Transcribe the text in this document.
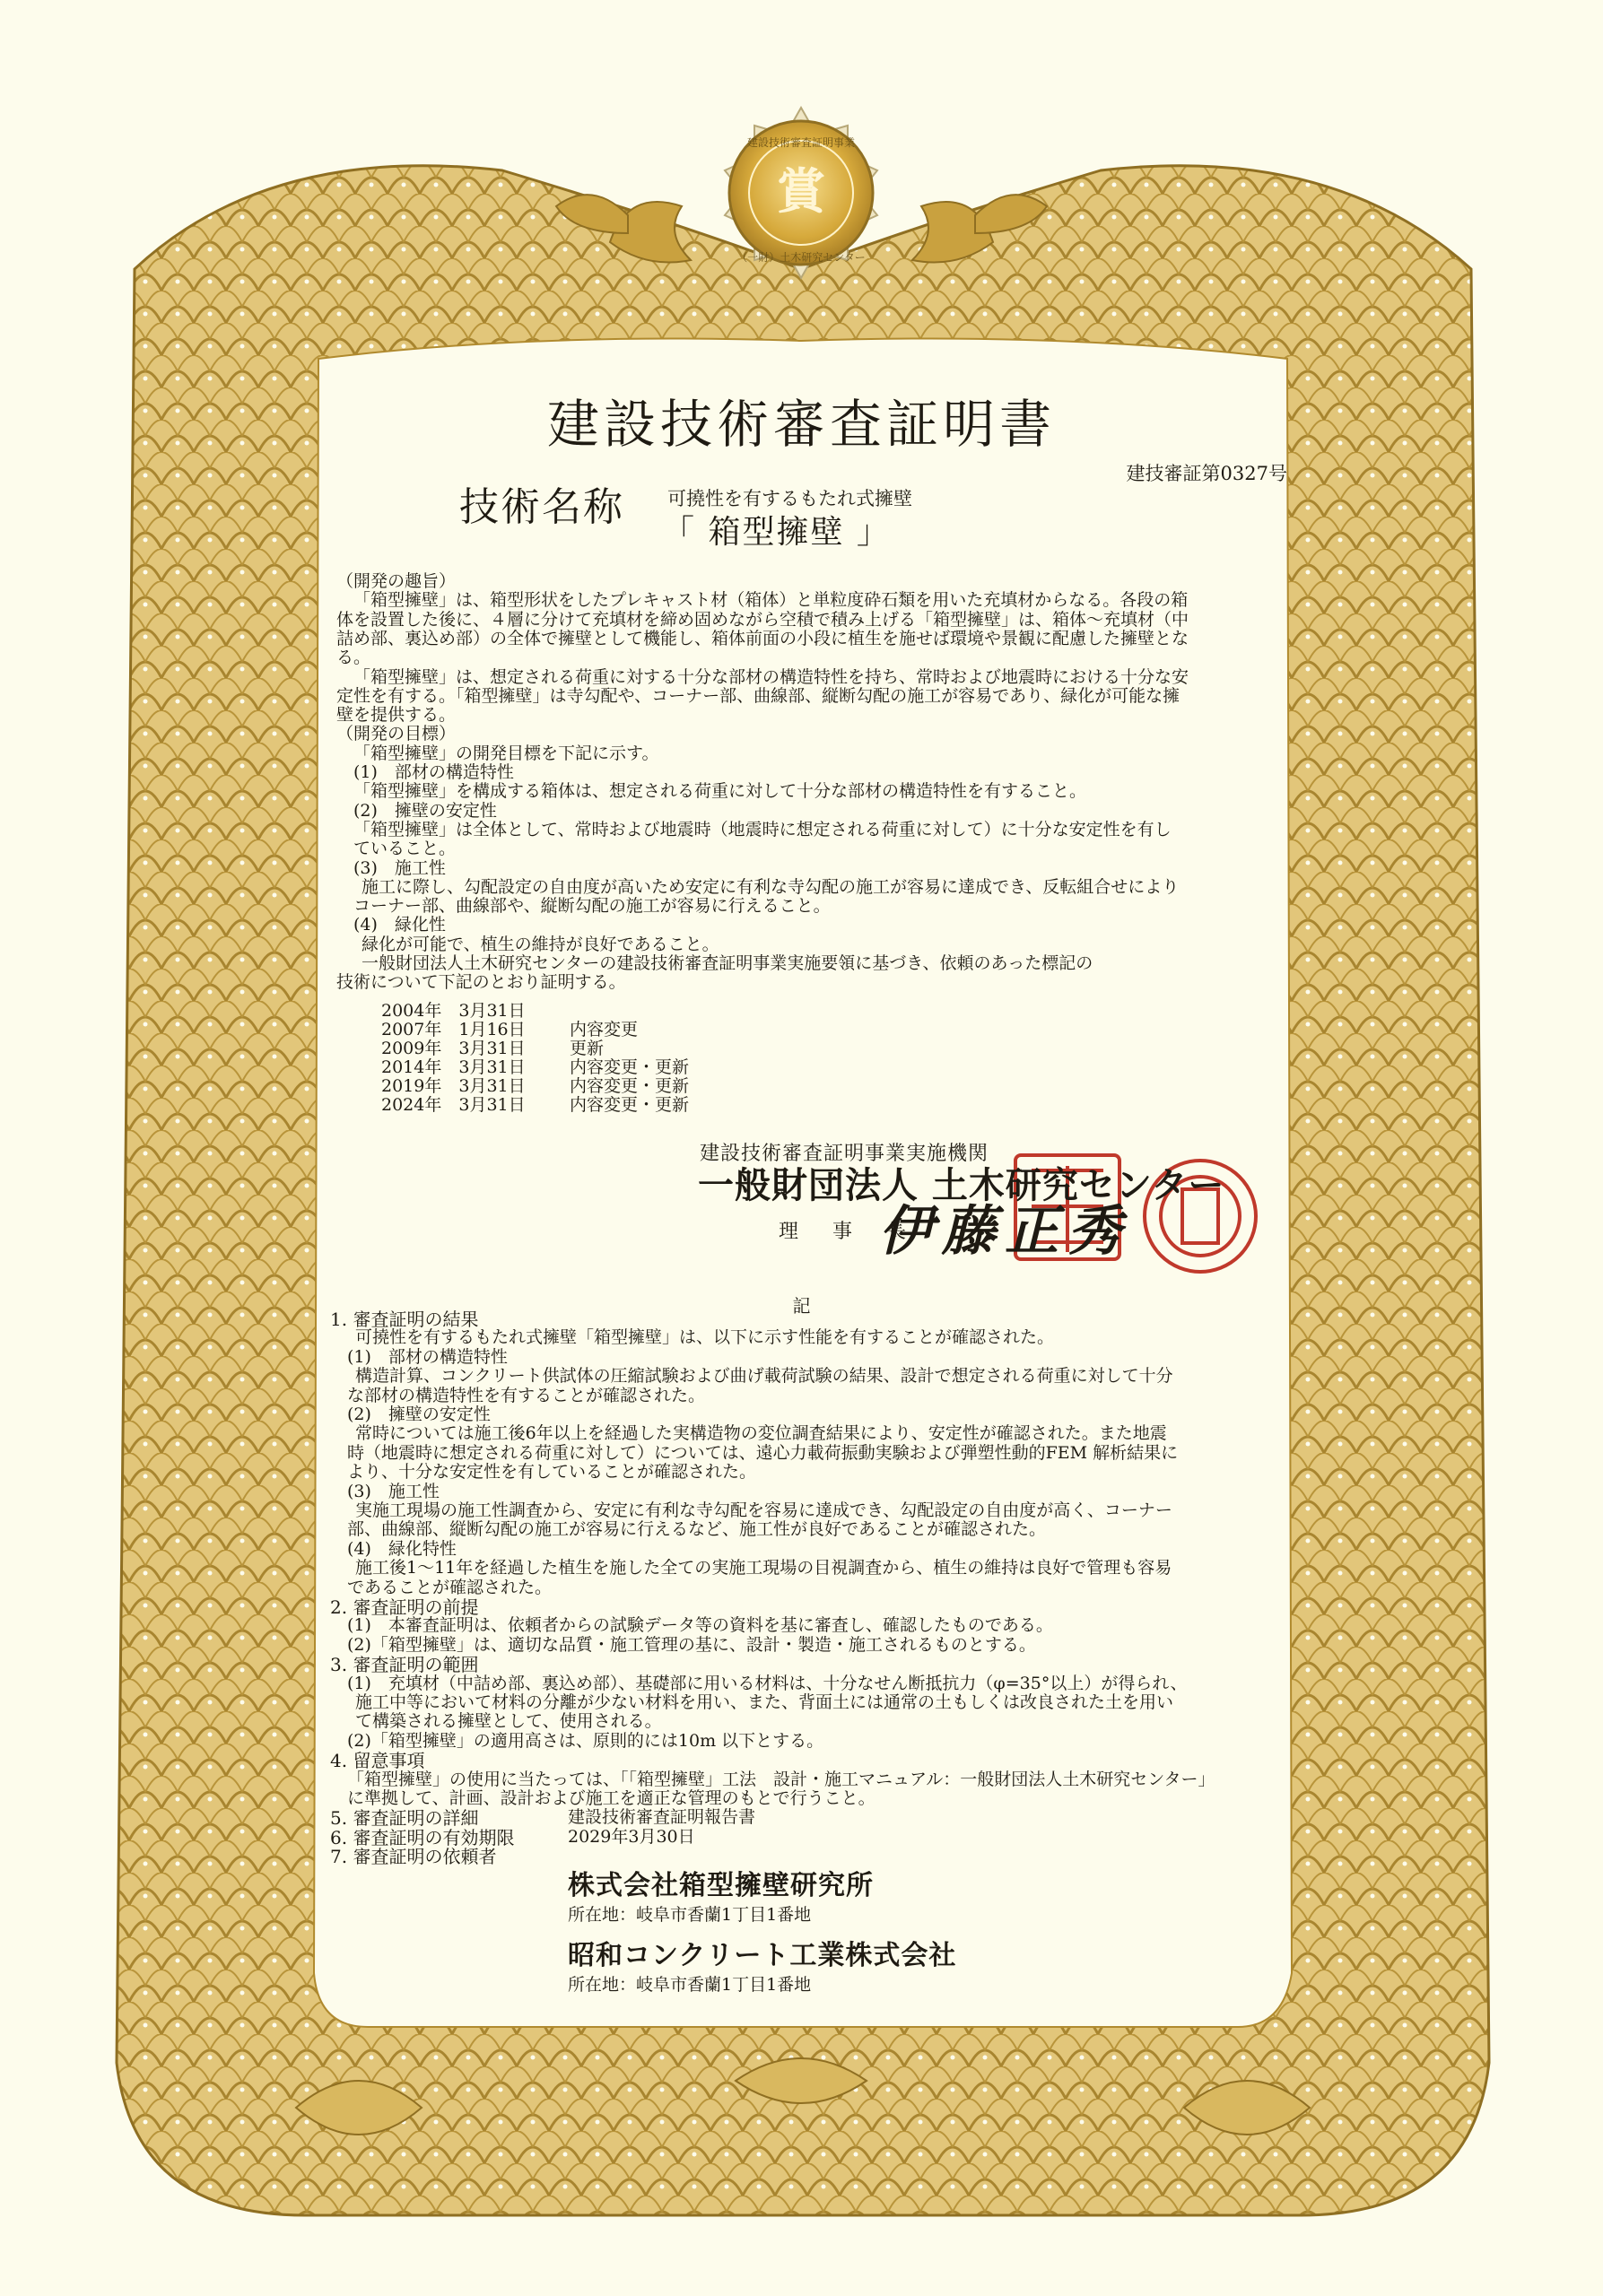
賞
建設技術審査証明事業
（一財）土木研究センター
建設技術審査証明書
建技審証第0327号
技術名称 可撓性を有するもたれ式擁壁
「 箱型擁壁 」
（開発の趣旨）
「箱型擁壁」は、箱型形状をしたプレキャスト材（箱体）と単粒度砕石類を用いた充填材からなる。各段の箱
体を設置した後に、４層に分けて充填材を締め固めながら空積で積み上げる「箱型擁壁」は、箱体～充填材（中
詰め部、裏込め部）の全体で擁壁として機能し、箱体前面の小段に植生を施せば環境や景観に配慮した擁壁とな
る。
「箱型擁壁」は、想定される荷重に対する十分な部材の構造特性を持ち、常時および地震時における十分な安
定性を有する。「箱型擁壁」は寺勾配や、コーナー部、曲線部、縦断勾配の施工が容易であり、緑化が可能な擁
壁を提供する。
（開発の目標）
「箱型擁壁」の開発目標を下記に示す。
(1)　部材の構造特性
「箱型擁壁」を構成する箱体は、想定される荷重に対して十分な部材の構造特性を有すること。
(2)　擁壁の安定性
「箱型擁壁」は全体として、常時および地震時（地震時に想定される荷重に対して）に十分な安定性を有し
ていること。
(3)　施工性
施工に際し、勾配設定の自由度が高いため安定に有利な寺勾配の施工が容易に達成でき、反転組合せにより
コーナー部、曲線部や、縦断勾配の施工が容易に行えること。
(4)　緑化性
緑化が可能で、植生の維持が良好であること。
一般財団法人土木研究センターの建設技術審査証明事業実施要領に基づき、依頼のあった標記の
技術について下記のとおり証明する。
2004年　3月31日
2007年　1月16日	内容変更
2009年　3月31日	更新
2014年　3月31日	内容変更・更新
2019年　3月31日	内容変更・更新
2024年　3月31日	内容変更・更新
建設技術審査証明事業実施機関
一般財団法人 土木研究センター
理　事　長
伊藤正秀
記
1. 審査証明の結果
可撓性を有するもたれ式擁壁「箱型擁壁」は、以下に示す性能を有することが確認された。
(1)　部材の構造特性
構造計算、コンクリート供試体の圧縮試験および曲げ載荷試験の結果、設計で想定される荷重に対して十分
な部材の構造特性を有することが確認された。
(2)　擁壁の安定性
常時については施工後6年以上を経過した実構造物の変位調査結果により、安定性が確認された。また地震
時（地震時に想定される荷重に対して）については、遠心力載荷振動実験および弾塑性動的FEM 解析結果に
より、十分な安定性を有していることが確認された。
(3)　施工性
実施工現場の施工性調査から、安定に有利な寺勾配を容易に達成でき、勾配設定の自由度が高く、コーナー
部、曲線部、縦断勾配の施工が容易に行えるなど、施工性が良好であることが確認された。
(4)　緑化特性
施工後1～11年を経過した植生を施した全ての実施工現場の目視調査から、植生の維持は良好で管理も容易
であることが確認された。
2. 審査証明の前提
(1)　本審査証明は、依頼者からの試験データ等の資料を基に審査し、確認したものである。
(2)「箱型擁壁」は、適切な品質・施工管理の基に、設計・製造・施工されるものとする。
3. 審査証明の範囲
(1)　充填材（中詰め部、裏込め部）、基礎部に用いる材料は、十分なせん断抵抗力（φ=35°以上）が得られ、
施工中等において材料の分離が少ない材料を用い、また、背面土には通常の土もしくは改良された土を用い
て構築される擁壁として、使用される。
(2)「箱型擁壁」の適用高さは、原則的には10m 以下とする。
4. 留意事項
「箱型擁壁」の使用に当たっては、「「箱型擁壁」工法　設計・施工マニュアル：一般財団法人土木研究センター」
に準拠して、計画、設計および施工を適正な管理のもとで行うこと。
5. 審査証明の詳細	建設技術審査証明報告書
6. 審査証明の有効期限	2029年3月30日
7. 審査証明の依頼者
株式会社箱型擁壁研究所
所在地：岐阜市香蘭1丁目1番地
昭和コンクリート工業株式会社
所在地：岐阜市香蘭1丁目1番地
